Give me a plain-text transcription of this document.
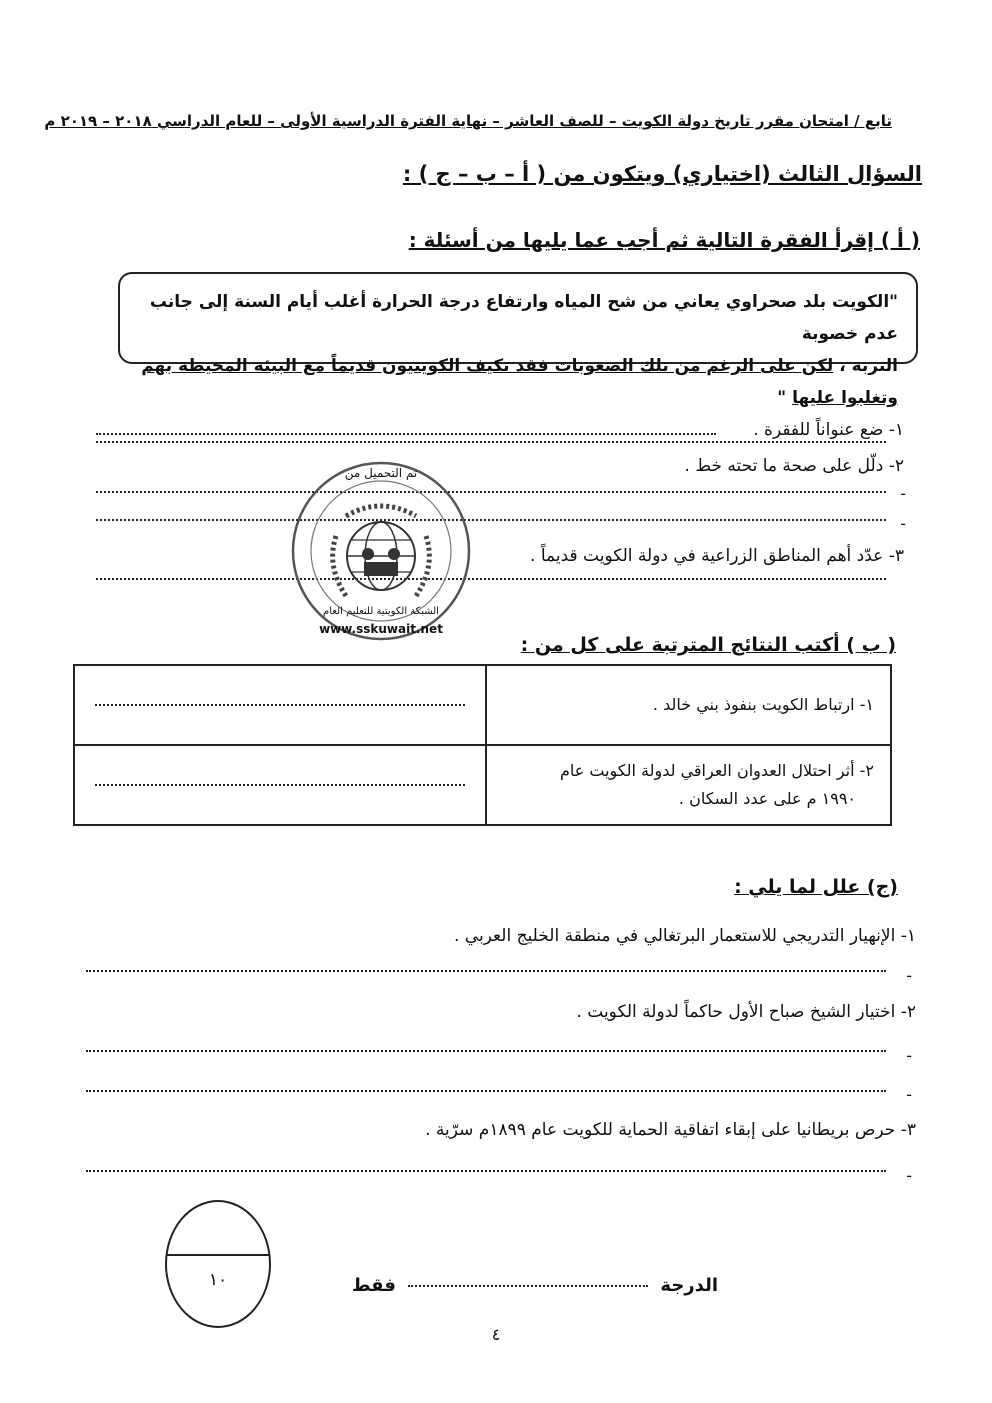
تابع / امتحان مقرر تاريخ دولة الكويت – للصف العاشر – نهاية الفترة الدراسية الأولى – للعام الدراسي ٢٠١٨ – ٢٠١٩ م
السؤال الثالث (اختياري) ويتكون من ( أ – ب – ج ) :
( أ ) إقرأ الفقرة التالية ثم أجب عما يليها من أسئلة :
"الكويت بلد صحراوي يعاني من شح المياه وارتفاع درجة الحرارة أغلب أيام السنة إلى جانب عدم خصوبة
التربة ، لكن على الرغم من تلك الصعوبات فقد تكيف الكويتيون قديماً مع البيئة المحيطة بهم وتغلبوا عليها "
١- ضع عنواناً للفقرة .
٢- دلّل على صحة ما تحته خط .
-
-
٣- عدّد أهم المناطق الزراعية في دولة الكويت قديماً .
تم التحميل من
الشبكة الكويتية للتعليم العام
www.sskuwait.net
( ب ) أكتب النتائج المترتبة على كل من :
١- ارتباط الكويت بنفوذ بني خالد .	

٢- أثر احتلال العدوان العراقي لدولة الكويت عام
١٩٩٠ م على عدد السكان .	

(ج) علل لما يلي :
١- الإنهيار التدريجي للاستعمار البرتغالي في منطقة الخليج العربي .
-
٢- اختيار الشيخ صباح الأول حاكماً لدولة الكويت .
-
-
٣- حرص بريطانيا على إبقاء اتفاقية الحماية للكويت عام ١٨٩٩م سرّية .
-
١٠	الدرجة  فقط
٤
